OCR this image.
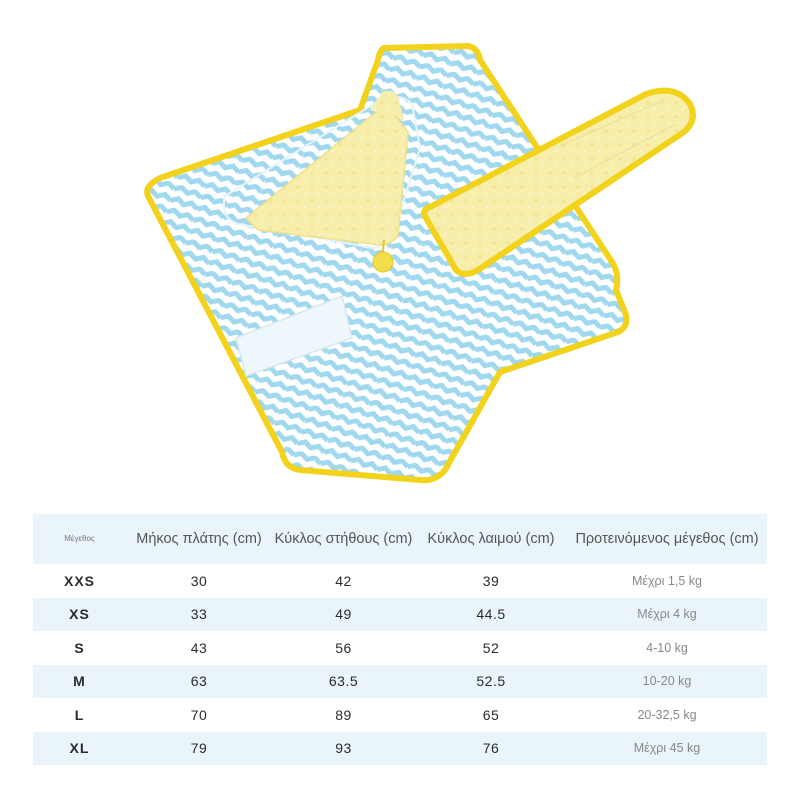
Μέγεθος	Μήκος πλάτης (cm)	Κύκλος στήθους (cm)	Κύκλος λαιμού (cm)	Προτεινόμενος μέγεθος (cm)
XXS	30	42	39	Μέχρι 1,5 kg
XS	33	49	44.5	Μέχρι 4 kg
S	43	56	52	4-10 kg
M	63	63.5	52.5	10-20 kg
L	70	89	65	20-32,5 kg
XL	79	93	76	Μέχρι 45 kg
